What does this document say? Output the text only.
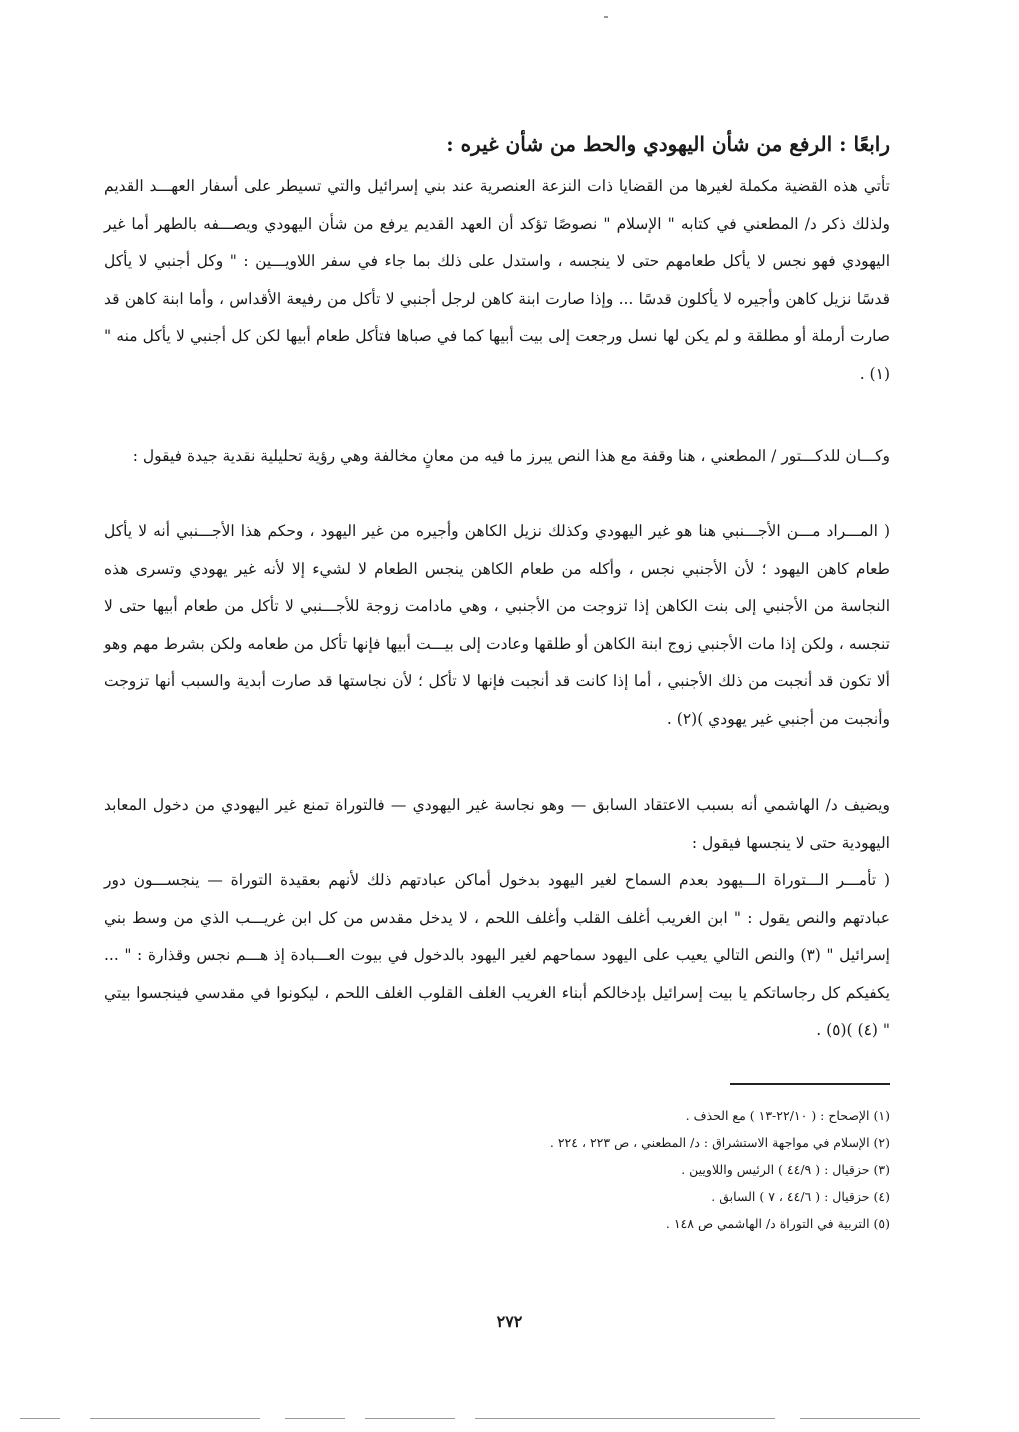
رابعًا : الرفع من شأن اليهودي والحط من شأن غيره :

تأتي هذه القضية مكملة لغيرها من القضايا ذات النزعة العنصرية عند بني إسرائيل والتي تسيطر على أسفار العهـــد القديم ولذلك ذكر د/ المطعني في كتابه " الإسلام " نصوصًا تؤكد أن العهد القديم يرفع من شأن اليهودي ويصـــفه بالطهر أما غير اليهودي فهو نجس لا يأكل طعامهم حتى لا ينجسه ، واستدل على ذلك بما جاء في سفر اللاويـــين : " وكل أجنبي لا يأكل قدسًا نزيل كاهن وأجيره لا يأكلون قدسًا ... وإذا صارت ابنة كاهن لرجل أجنبي لا تأكل من رفيعة الأقداس ، وأما ابنة كاهن قد صارت أرملة أو مطلقة و لم يكن لها نسل ورجعت إلى بيت أبيها كما في صباها فتأكل طعام أبيها لكن كل أجنبي لا يأكل منه "(١) .

وكـــان للدكـــتور / المطعني ، هنا وقفة مع هذا النص يبرز ما فيه من معانٍ مخالفة وهي رؤية تحليلية نقدية جيدة فيقول :

( المـــراد مـــن الأجـــنبي هنا هو غير اليهودي وكذلك نزيل الكاهن وأجيره من غير اليهود ، وحكم هذا الأجـــنبي أنه لا يأكل طعام كاهن اليهود ؛ لأن الأجنبي نجس ، وأكله من طعام الكاهن ينجس الطعام لا لشيء إلا لأنه غير يهودي وتسرى هذه النجاسة من الأجنبي إلى بنت الكاهن إذا تزوجت من الأجنبي ، وهي مادامت زوجة للأجـــنبي لا تأكل من طعام أبيها حتى لا تنجسه ، ولكن إذا مات الأجنبي زوج ابنة الكاهن أو طلقها وعادت إلى بيـــت أبيها فإنها تأكل من طعامه ولكن بشرط مهم وهو ألا تكون قد أنجبت من ذلك الأجنبي ، أما إذا كانت قد أنجبت فإنها لا تأكل ؛ لأن نجاستها قد صارت أبدية والسبب أنها تزوجت وأنجبت من أجنبي غير يهودي )(٢) .

ويضيف د/ الهاشمي أنه بسبب الاعتقاد السابق — وهو نجاسة غير اليهودي — فالتوراة تمنع غير اليهودي من دخول المعابد اليهودية حتى لا ينجسها فيقول :

( تأمـــر الـــتوراة الـــيهود بعدم السماح لغير اليهود بدخول أماكن عبادتهم ذلك لأنهم بعقيدة التوراة — ينجســـون دور عبادتهم والنص يقول : " ابن الغريب أغلف القلب وأغلف اللحم ، لا يدخل مقدس من كل ابن غريـــب الذي من وسط بني إسرائيل " (٣) والنص التالي يعيب على اليهود سماحهم لغير اليهود بالدخول في بيوت العـــبادة إذ هـــم نجس وقذارة : " ... يكفيكم كل رجاساتكم يا بيت إسرائيل بإدخالكم أبناء الغريب الغلف القلوب الغلف اللحم ، ليكونوا في مقدسي فينجسوا بيتي " (٤) )(٥) .

(١) الإصحاح : ( ٢٢/١٠-١٣ ) مع الحذف .
(٢) الإسلام في مواجهة الاستشراق : د/ المطعني ، ص ٢٢٣ ، ٢٢٤ .
(٣) حزقيال : ( ٤٤/٩ ) الرئيس واللاويين .
(٤) حزقيال : ( ٤٤/٦ ، ٧ ) السابق .
(٥) التربية في التوراة د/ الهاشمي ص ١٤٨ .
٢٧٢
